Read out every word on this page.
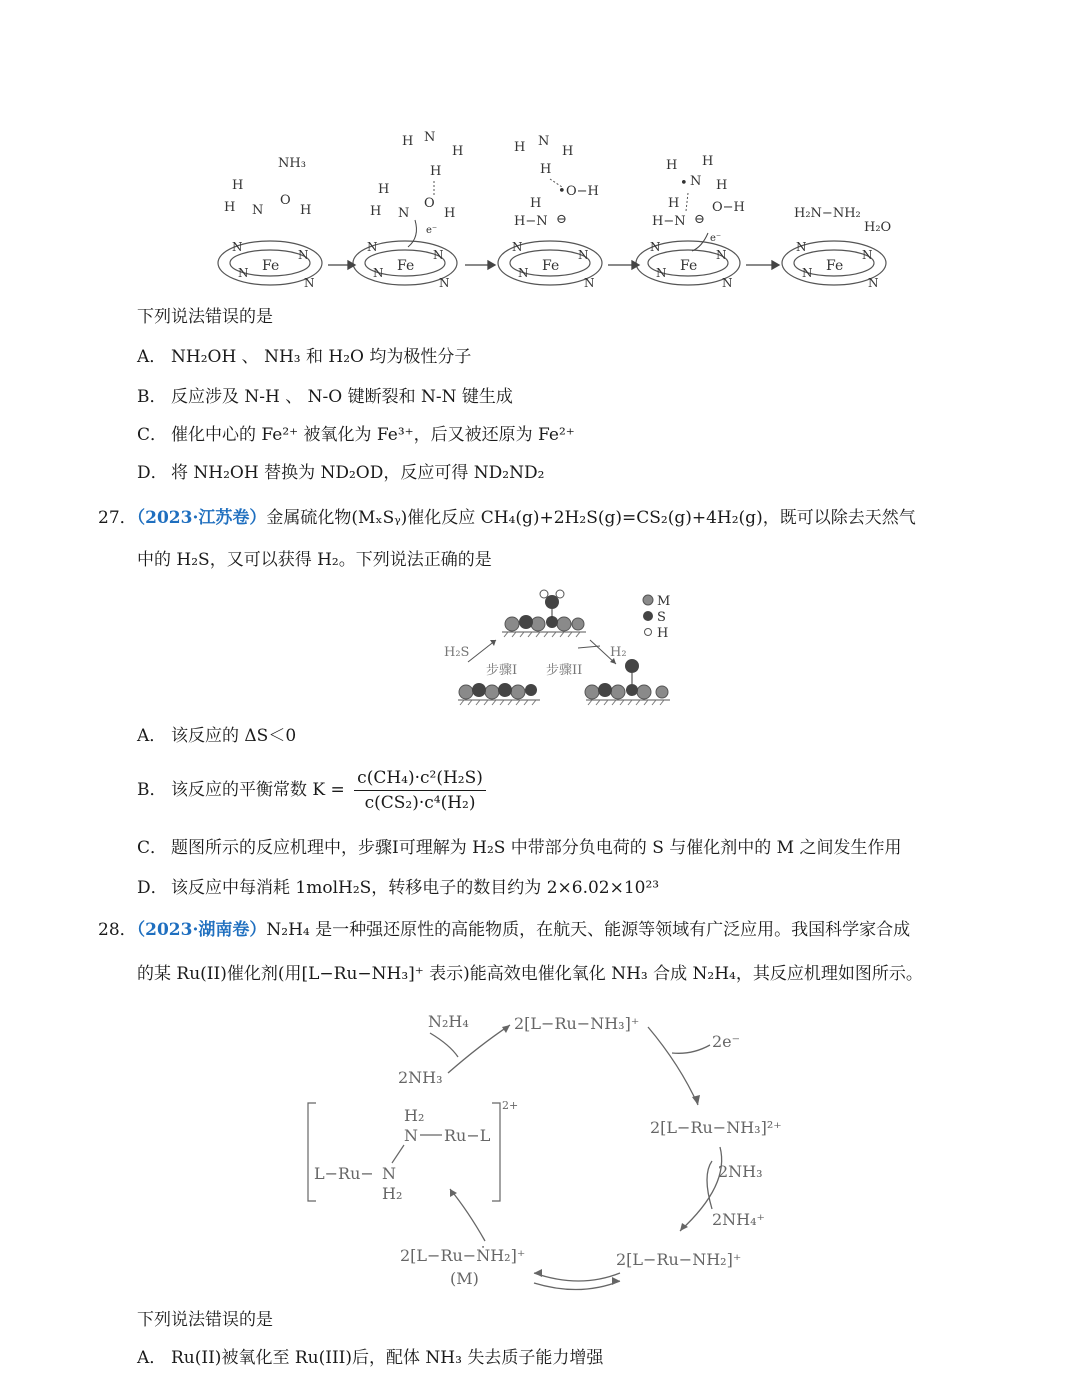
Fe	Fe	Fe	Fe	Fe
N
N
N
N
N
N
N
N
N
N
N
N
N
N
N
N
N
N
N
N
NH₃
H
H N
O
H
H N
H
H
H
H N
O
H
e⁻
H N
H
H
• O−H
H
H−N ⊖
H H
• N H
O−H
H
H−N ⊖
e⁻
H₂N−NH₂
H₂O
下列说法错误的是
A． NH₂OH 、 NH₃ 和 H₂O 均为极性分子
B． 反应涉及 N-H 、 N-O 键断裂和 N-N 键生成
C． 催化中心的 Fe²⁺ 被氧化为 Fe³⁺，后又被还原为 Fe²⁺
D． 将 NH₂OH 替换为 ND₂OD，反应可得 ND₂ND₂
27．（2023·江苏卷）金属硫化物(MₓSᵧ)催化反应 CH₄(g)+2H₂S(g)=CS₂(g)+4H₂(g)，既可以除去天然气
中的 H₂S，又可以获得 H₂。下列说法正确的是
M
S
H
H₂S	H₂
步骤I 步骤II
A． 该反应的 ΔS＜0
B． 该反应的平衡常数 $K = \frac{\text{c(CH₄)·c²(H₂S)}}{\text{c(CS₂)·c⁴(H₂)}}$
C． 题图所示的反应机理中，步骤I可理解为 H₂S 中带部分负电荷的 S 与催化剂中的 M 之间发生作用
D． 该反应中每消耗 1molH₂S，转移电子的数目约为 2×6.02×10²³
28．（2023·湖南卷）N₂H₄ 是一种强还原性的高能物质，在航天、能源等领域有广泛应用。我国科学家合成
的某 Ru(II)催化剂(用[L−Ru−NH₃]⁺ 表示)能高效电催化氧化 NH₃ 合成 N₂H₄，其反应机理如图所示。
N₂H₄	2[L−Ru−NH₃]⁺
2e⁻
2[L−Ru−NH₃]²⁺
2NH₃
2NH₄⁺
2[L−Ru−NH₂]⁺
2[L−Ru−ṄH₂]⁺
(M)
2NH₃
H₂
N Ru−L
L−Ru− N
H₂
2+
下列说法错误的是
A． Ru(II)被氧化至 Ru(III)后，配体 NH₃ 失去质子能力增强
